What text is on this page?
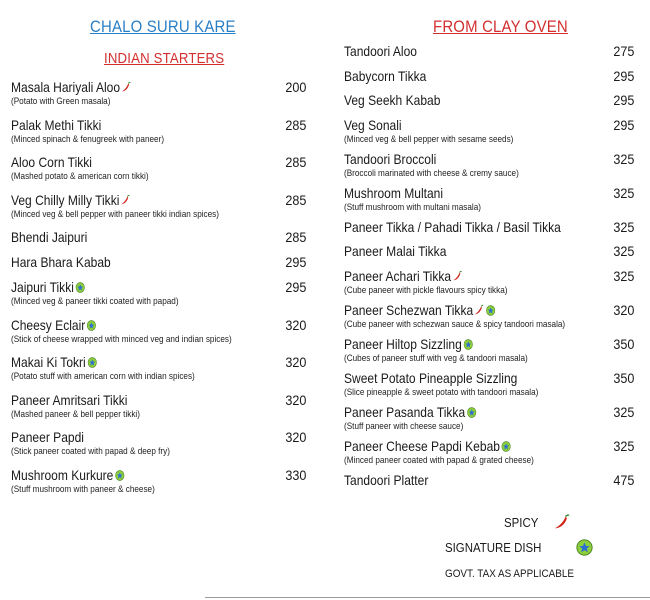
CHALO SURU KARE
INDIAN STARTERS
FROM CLAY OVEN
Masala Hariyali Aloo	200
(Potato with Green masala)
Palak Methi Tikki	285
(Minced spinach & fenugreek with paneer)
Aloo Corn Tikki	285
(Mashed potato & american corn tikki)
Veg Chilly Milly Tikki	285
(Minced veg & bell pepper with paneer tikki indian spices)
Bhendi Jaipuri	285
Hara Bhara Kabab	295
Jaipuri Tikki	295
(Minced veg & paneer tikki coated with papad)
Cheesy Eclair	320
(Stick of cheese wrapped with minced veg and indian spices)
Makai Ki Tokri	320
(Potato stuff with american corn with indian spices)
Paneer Amritsari Tikki	320
(Mashed paneer & bell pepper tikki)
Paneer Papdi	320
(Stick paneer coated with papad & deep fry)
Mushroom Kurkure	330
(Stuff mushroom with paneer & cheese)
Tandoori Aloo	275
Babycorn Tikka	295
Veg Seekh Kabab	295
Veg Sonali	295
(Minced veg & bell pepper with sesame seeds)
Tandoori Broccoli	325
(Broccoli marinated with cheese & cremy sauce)
Mushroom Multani	325
(Stuff mushroom with multani masala)
Paneer Tikka / Pahadi Tikka / Basil Tikka	325
Paneer Malai Tikka	325
Paneer Achari Tikka	325
(Cube paneer with pickle flavours spicy tikka)
Paneer Schezwan Tikka	320
(Cube paneer with schezwan sauce & spicy tandoori masala)
Paneer Hiltop Sizzling	350
(Cubes of paneer stuff with veg & tandoori masala)
Sweet Potato Pineapple Sizzling	350
(Slice pineapple & sweet potato with tandoori masala)
Paneer Pasanda Tikka	325
(Stuff paneer with cheese sauce)
Paneer Cheese Papdi Kebab	325
(Minced paneer coated with papad & grated cheese)
Tandoori Platter	475
SPICY
SIGNATURE DISH
GOVT. TAX AS APPLICABLE
